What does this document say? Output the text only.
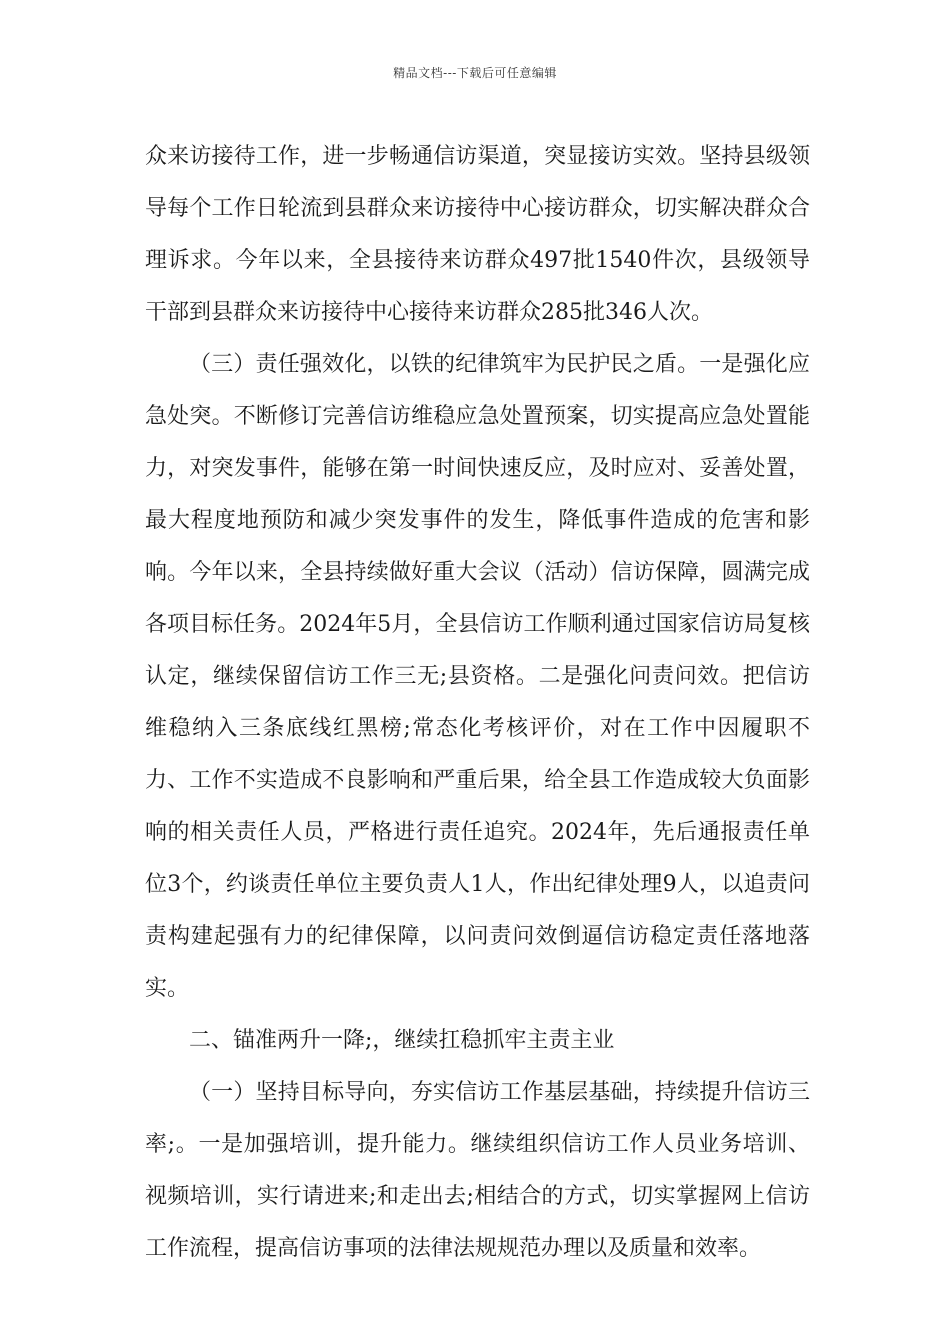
精品文档---下载后可任意编辑

众来访接待工作，进一步畅通信访渠道，突显接访实效。坚持县级领导每个工作日轮流到县群众来访接待中心接访群众，切实解决群众合理诉求。今年以来，全县接待来访群众497批1540件次，县级领导干部到县群众来访接待中心接待来访群众285批346人次。

（三）责任强效化，以铁的纪律筑牢为民护民之盾。一是强化应急处突。不断修订完善信访维稳应急处置预案，切实提高应急处置能力，对突发事件，能够在第一时间快速反应，及时应对、妥善处置，最大程度地预防和减少突发事件的发生，降低事件造成的危害和影响。今年以来，全县持续做好重大会议（活动）信访保障，圆满完成各项目标任务。2024年5月，全县信访工作顺利通过国家信访局复核认定，继续保留信访工作三无;县资格。二是强化问责问效。把信访维稳纳入三条底线红黑榜;常态化考核评价，对在工作中因履职不力、工作不实造成不良影响和严重后果，给全县工作造成较大负面影响的相关责任人员，严格进行责任追究。2024年，先后通报责任单位3个，约谈责任单位主要负责人1人，作出纪律处理9人，以追责问责构建起强有力的纪律保障，以问责问效倒逼信访稳定责任落地落实。

二、锚准两升一降;，继续扛稳抓牢主责主业

（一）坚持目标导向，夯实信访工作基层基础，持续提升信访三率;。一是加强培训，提升能力。继续组织信访工作人员业务培训、视频培训，实行请进来;和走出去;相结合的方式，切实掌握网上信访工作流程，提高信访事项的法律法规规范办理以及质量和效率。
